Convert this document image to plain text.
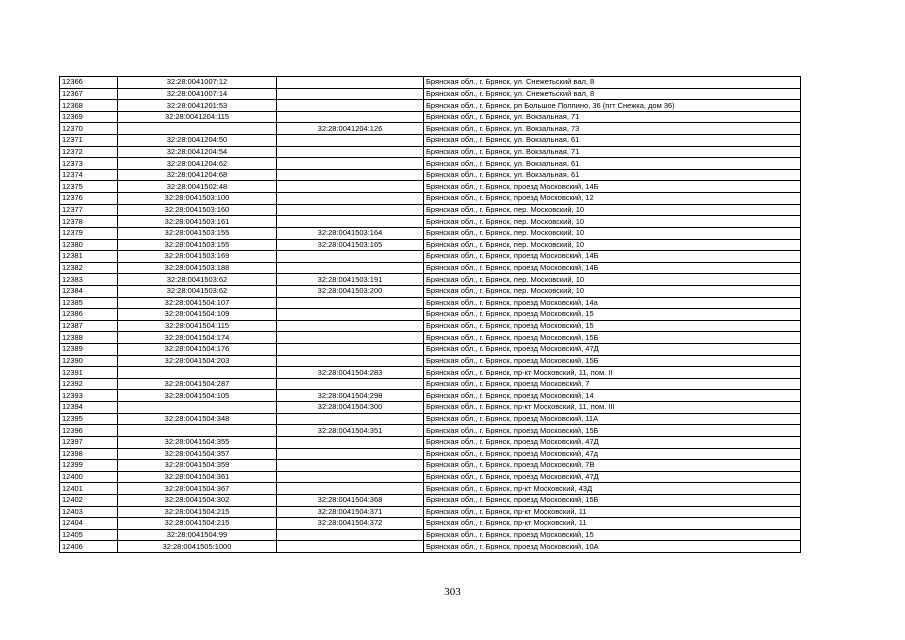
12366	32:28:0041007:12		Брянская обл., г. Брянск, ул. Снежетьский вал, 8
12367	32:28:0041007:14		Брянская обл., г. Брянск, ул. Снежетьский вал, 8
12368	32:28:0041201:53		Брянская обл., г. Брянск, рп Большое Полпино, 36 (пгт Снежка, дом 36)
12369	32:28:0041204:115		Брянская обл., г. Брянск, ул. Вокзальная, 71
12370		32:28:0041204:126	Брянская обл., г. Брянск, ул. Вокзальная, 73
12371	32:28:0041204:50		Брянская обл., г. Брянск, ул. Вокзальная, 61
12372	32:28:0041204:54		Брянская обл., г. Брянск, ул. Вокзальная, 71
12373	32:28:0041204:62		Брянская обл., г. Брянск, ул. Вокзальная, 61
12374	32:28:0041204:68		Брянская обл., г. Брянск, ул. Вокзальная, 61
12375	32:28:0041502:48		Брянская обл., г. Брянск, проезд Московский, 14Б
12376	32:28:0041503:100		Брянская обл., г. Брянск, проезд Московский, 12
12377	32:28:0041503:160		Брянская обл., г. Брянск, пер. Московский, 10
12378	32:28:0041503:161		Брянская обл., г. Брянск, пер. Московский, 10
12379	32:28:0041503:155	32:28:0041503:164	Брянская обл., г. Брянск, пер. Московский, 10
12380	32:28:0041503:155	32:28:0041503:165	Брянская обл., г. Брянск, пер. Московский, 10
12381	32:28:0041503:169		Брянская обл., г. Брянск, проезд Московский, 14Б
12382	32:28:0041503:188		Брянская обл., г. Брянск, проезд Московский, 14Б
12383	32:28:0041503:62	32:28:0041503:191	Брянская обл., г. Брянск, пер. Московский, 10
12384	32:28:0041503:62	32:28:0041503:200	Брянская обл., г. Брянск, пер. Московский, 10
12385	32:28:0041504:107		Брянская обл., г. Брянск, проезд Московский, 14а
12386	32:28:0041504:109		Брянская обл., г. Брянск, проезд Московский, 15
12387	32:28:0041504:115		Брянская обл., г. Брянск, проезд Московский, 15
12388	32:28:0041504:174		Брянская обл., г. Брянск, проезд Московский, 15Б
12389	32:28:0041504:176		Брянская обл., г. Брянск, проезд Московский, 47Д
12390	32:28:0041504:203		Брянская обл., г. Брянск, проезд Московский, 15Б
12391		32:28:0041504:283	Брянская обл., г. Брянск, пр-кт Московский, 11, пом. II
12392	32:28:0041504:287		Брянская обл., г. Брянск, проезд Московский, 7
12393	32:28:0041504:105	32:28:0041504:298	Брянская обл., г. Брянск, проезд Московский, 14
12394		32:28:0041504:300	Брянская обл., г. Брянск, пр-кт Московский, 11, пом. III
12395	32:28:0041504:348		Брянская обл., г. Брянск, проезд Московский, 11А
12396		32:28:0041504:351	Брянская обл., г. Брянск, проезд Московский, 15Б
12397	32:28:0041504:355		Брянская обл., г. Брянск, проезд Московский, 47Д
12398	32:28:0041504:357		Брянская обл., г. Брянск, проезд Московский, 47д
12399	32:28:0041504:359		Брянская обл., г. Брянск, проезд Московский, 7В
12400	32:28:0041504:361		Брянская обл., г. Брянск, проезд Московский, 47Д
12401	32:28:0041504:367		Брянская обл., г. Брянск, пр-кт Московский, 43Д
12402	32:28:0041504:302	32:28:0041504:368	Брянская обл., г. Брянск, проезд Московский, 15Б
12403	32:28:0041504:215	32:28:0041504:371	Брянская обл., г. Брянск, пр-кт Московский, 11
12404	32:28:0041504:215	32:28:0041504:372	Брянская обл., г. Брянск, пр-кт Московский, 11
12405	32:28:0041504:99		Брянская обл., г. Брянск, проезд Московский, 15
12406	32:28:0041505:1000		Брянская обл., г. Брянск, проезд Московский, 10А
303
